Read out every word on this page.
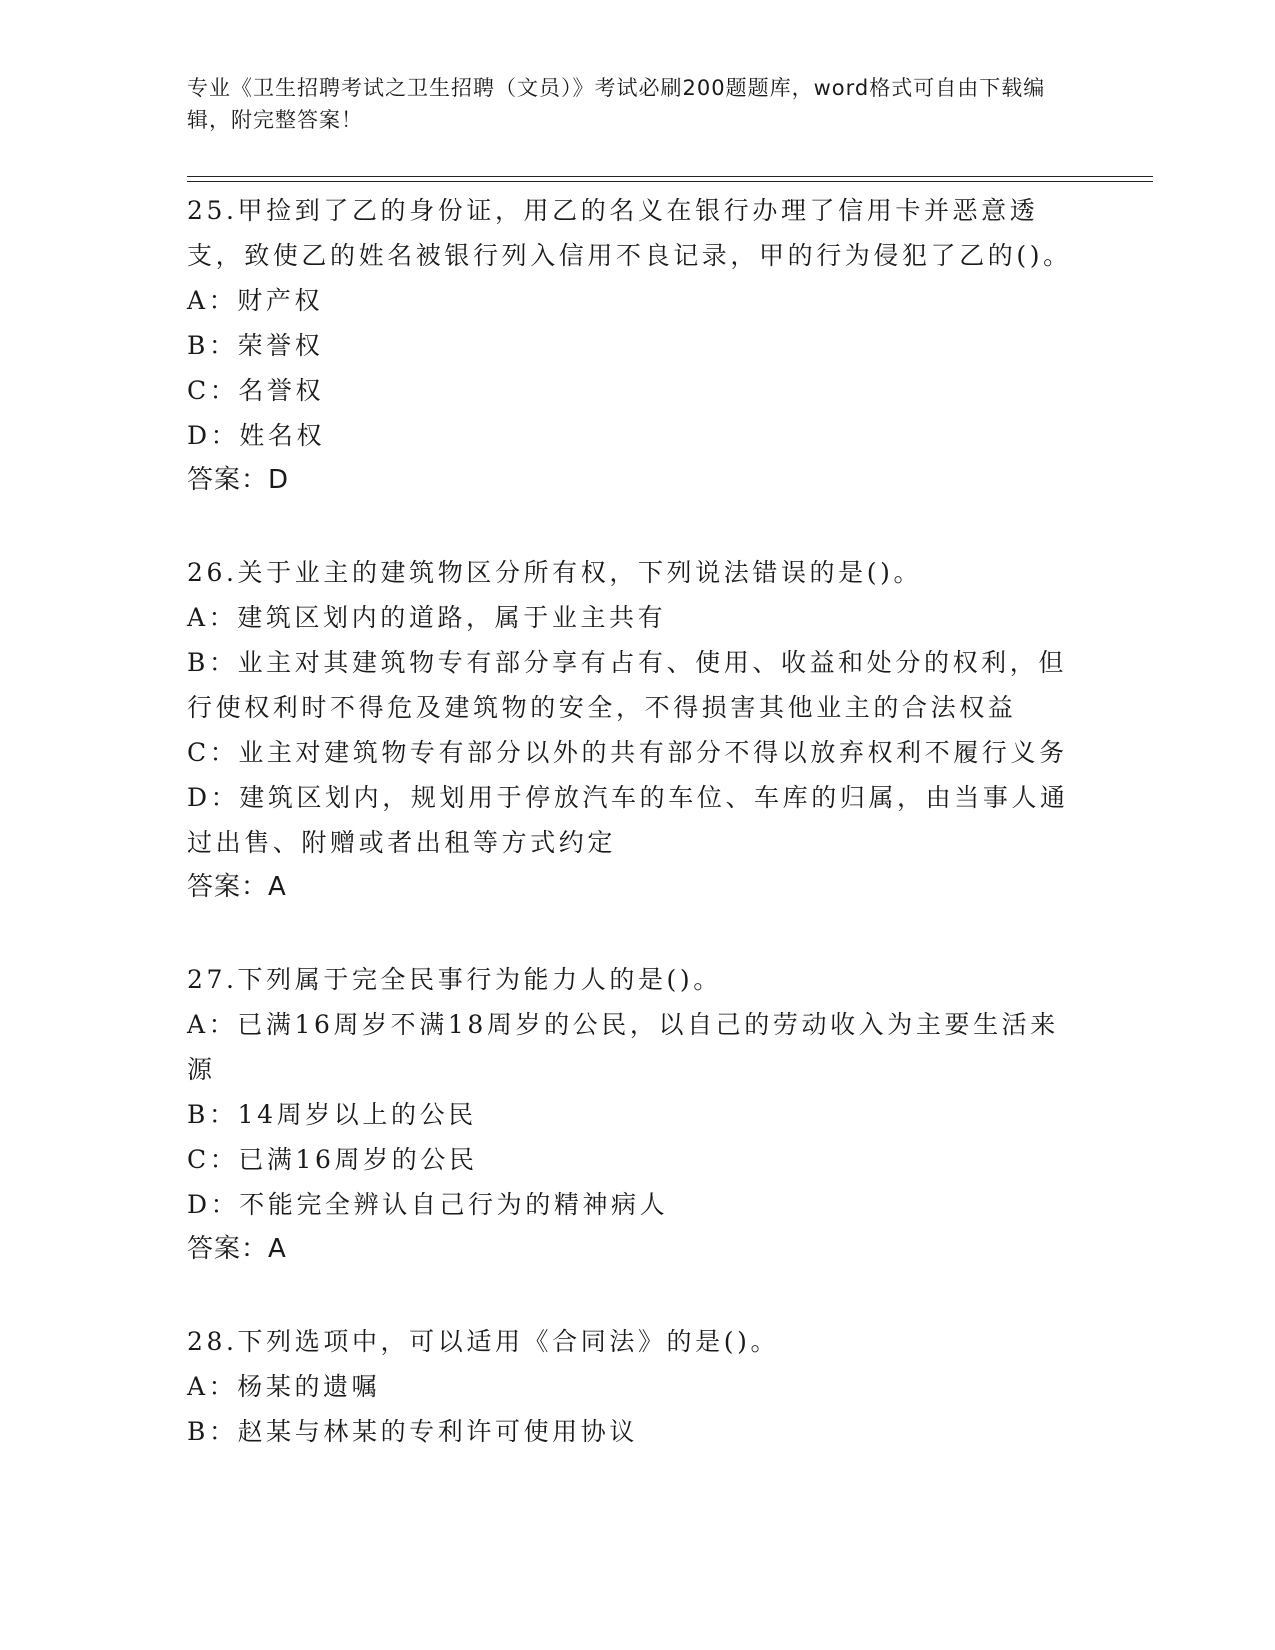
专业《卫生招聘考试之卫生招聘（文员）》考试必刷200题题库，word格式可自由下载编辑，附完整答案！
25.甲捡到了乙的身份证，用乙的名义在银行办理了信用卡并恶意透支，致使乙的姓名被银行列入信用不良记录，甲的行为侵犯了乙的()。
A：财产权
B：荣誉权
C：名誉权
D：姓名权
答案：D
26.关于业主的建筑物区分所有权，下列说法错误的是()。
A：建筑区划内的道路，属于业主共有
B：业主对其建筑物专有部分享有占有、使用、收益和处分的权利，但行使权利时不得危及建筑物的安全，不得损害其他业主的合法权益
C：业主对建筑物专有部分以外的共有部分不得以放弃权利不履行义务
D：建筑区划内，规划用于停放汽车的车位、车库的归属，由当事人通过出售、附赠或者出租等方式约定
答案：A
27.下列属于完全民事行为能力人的是()。
A：已满16周岁不满18周岁的公民，以自己的劳动收入为主要生活来源
B：14周岁以上的公民
C：已满16周岁的公民
D：不能完全辨认自己行为的精神病人
答案：A
28.下列选项中，可以适用《合同法》的是()。
A：杨某的遗嘱
B：赵某与林某的专利许可使用协议
